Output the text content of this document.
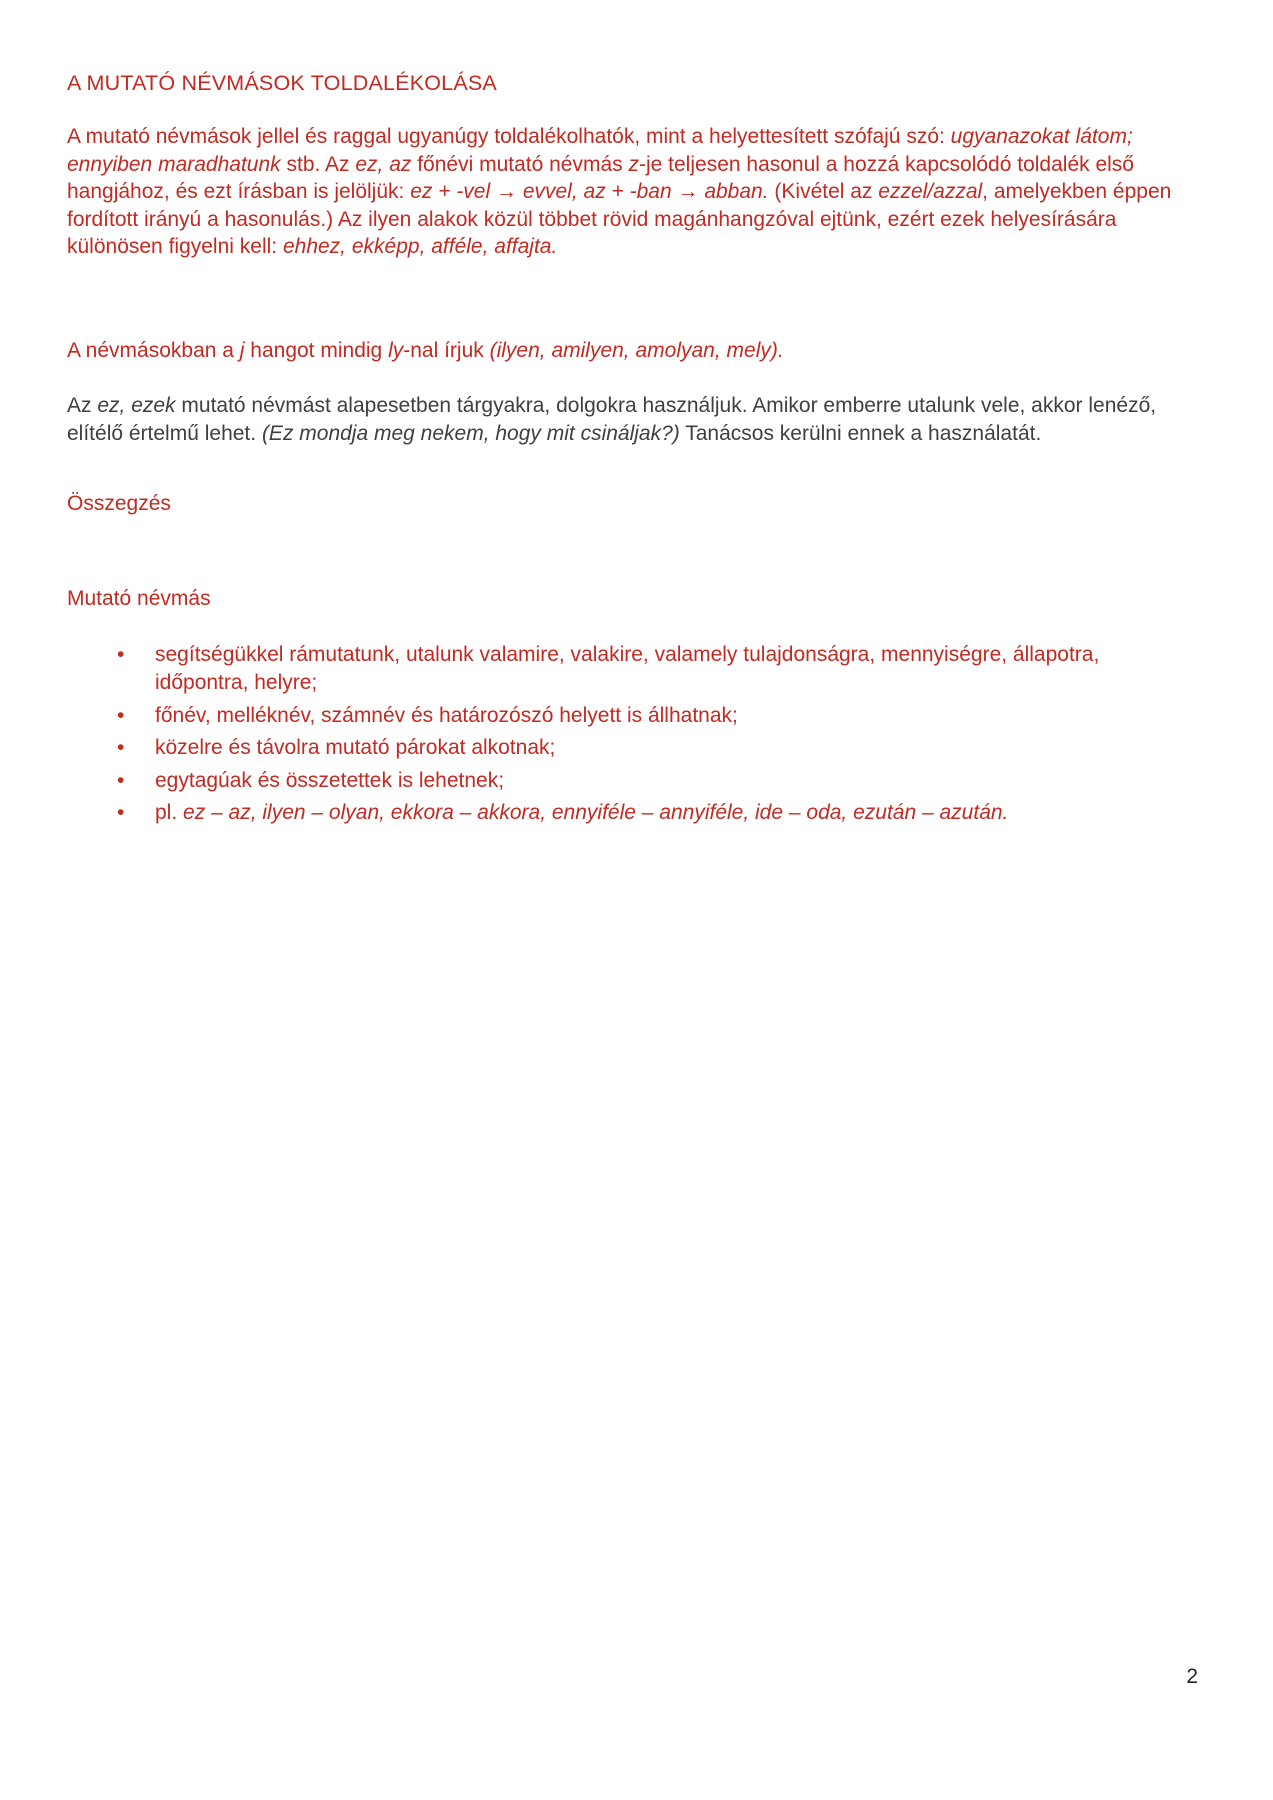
A MUTATÓ NÉVMÁSOK TOLDALÉKOLÁSA

A mutató névmások jellel és raggal ugyanúgy toldalékolhatók, mint a helyettesített szófajú szó: ugyanazokat látom; ennyiben maradhatunk stb. Az ez, az főnévi mutató névmás z-je teljesen hasonul a hozzá kapcsolódó toldalék első hangjához, és ezt írásban is jelöljük: ez + -vel → evvel, az + -ban → abban. (Kivétel az ezzel/azzal, amelyekben éppen fordított irányú a hasonulás.) Az ilyen alakok közül többet rövid magánhangzóval ejtünk, ezért ezek helyesírására különösen figyelni kell: ehhez, ekképp, afféle, affajta.

A névmásokban a j hangot mindig ly-nal írjuk (ilyen, amilyen, amolyan, mely).

Az ez, ezek mutató névmást alapesetben tárgyakra, dolgokra használjuk. Amikor emberre utalunk vele, akkor lenéző, elítélő értelmű lehet. (Ez mondja meg nekem, hogy mit csináljak?) Tanácsos kerülni ennek a használatát.

Összegzés
Mutató névmás
• segítségükkel rámutatunk, utalunk valamire, valakire, valamely tulajdonságra, mennyiségre, állapotra, időpontra, helyre;
• főnév, melléknév, számnév és határozószó helyett is állhatnak;
• közelre és távolra mutató párokat alkotnak;
• egytagúak és összetettek is lehetnek;
• pl. ez – az, ilyen – olyan, ekkora – akkora, ennyiféle – annyiféle, ide – oda, ezután – azután.
2
